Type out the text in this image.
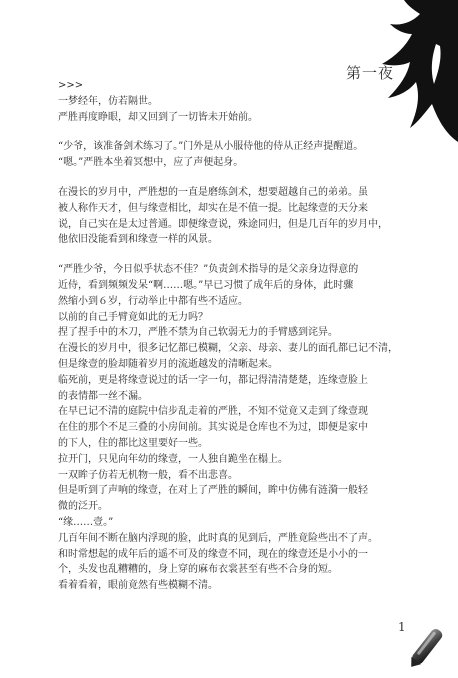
第一夜

>>>

一梦经年，仿若隔世。

严胜再度睁眼，却又回到了一切皆未开始前。

“少爷，该准备剑术练习了。”门外是从小服侍他的侍从正经声提醒道。

“嗯。”严胜本坐着冥想中，应了声便起身。

在漫长的岁月中，严胜想的一直是磨练剑术，想要超越自己的弟弟。虽

被人称作天才，但与缘壹相比，却实在是不值一提。比起缘壹的天分来

说，自己实在是太过普通。即便缘壹说，殊途同归，但是几百年的岁月中，

他依旧没能看到和缘壹一样的风景。

“严胜少爷，今日似乎状态不佳？”负责剑术指导的是父亲身边得意的

近侍，看到频频发呆“啊……嗯。”早已习惯了成年后的身体，此时骤

然缩小到６岁，行动举止中都有些不适应。

以前的自己手臂竟如此的无力吗？

捏了捏手中的木刀，严胜不禁为自己软弱无力的手臂感到诧异。

在漫长的岁月中，很多记忆都已模糊，父亲、母亲、妻儿的面孔都已记不清，

但是缘壹的脸却随着岁月的流逝越发的清晰起来。

临死前，更是将缘壹说过的话一字一句，都记得清清楚楚，连缘壹脸上

的表情都一丝不漏。

在早已记不清的庭院中信步乱走着的严胜，不知不觉竟又走到了缘壹现

在住的那个不足三叠的小房间前。其实说是仓库也不为过，即便是家中

的下人，住的都比这里要好一些。

拉开门，只见向年幼的缘壹，一人独自跪坐在榻上。

一双眸子仿若无机物一般，看不出悲喜。

但是听到了声响的缘壹，在对上了严胜的瞬间，眸中仿佛有涟漪一般轻

微的泛开。

“缘……壹。”

几百年间不断在脑内浮现的脸，此时真的见到后，严胜竟险些出不了声。

和时常想起的成年后的遥不可及的缘壹不同，现在的缘壹还是小小的一

个，头发也乱糟糟的，身上穿的麻布衣裳甚至有些不合身的短。

看着看着，眼前竟然有些模糊不清。

1
